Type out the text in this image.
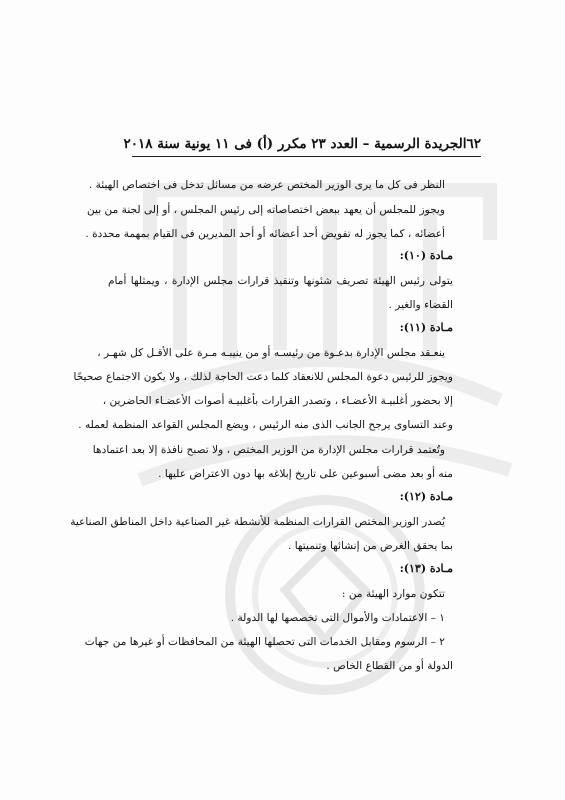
٦٢
الجريدة الرسمية – العدد ٢٣ مكرر (أ) فى ١١ يونية سنة ٢٠١٨
النظر فى كل ما يرى الوزير المختص عرضه من مسائل تدخل فى اختصاص الهيئة .
ويجوز للمجلس أن يعهد ببعض اختصاصاته إلى رئيس المجلس ، أو إلى لجنة من بين
أعضائه ، كما يجوز له تفويض أحد أعضائه أو أحد المديرين فى القيام بمهمة محددة .
مـادة (١٠):
يتولى رئيس الهيئة تصريف شئونها وتنفيذ قرارات مجلس الإدارة ، ويمثلها أمام
القضاء والغير .
مـادة (١١):
ينعـقد مجلس الإدارة بدعـوة من رئيسـه أو من ينيبـه مـرة على الأقـل كل شهـر ،
ويجوز للرئيس دعوة المجلس للانعقاد كلما دعت الحاجة لذلك ، ولا يكون الاجتماع صحيحًا
إلا بحضور أغلبيـة الأعضـاء ، وتصدر القرارات بأغلبيـة أصوات الأعضـاء الحاضرين ،
وعند التساوى يرجح الجانب الذى منه الرئيس ، ويضع المجلس القواعد المنظمة لعمله .
وتُعتمد قرارات مجلس الإدارة من الوزير المختص ، ولا تصبح نافذة إلا بعد اعتمادها
منه أو بعد مضى أسبوعين على تاريخ إبلاغه بها دون الاعتراض عليها .
مـادة (١٢):
يُصدر الوزير المختص القرارات المنظمة للأنشطة غير الصناعية داخل المناطق الصناعية
بما يحقق الغرض من إنشائها وتنميتها .
مـادة (١٣):
تتكون موارد الهيئة من :
١ – الاعتمادات والأموال التى تخصصها لها الدولة .
٢ – الرسوم ومقابل الخدمات التى تحصلها الهيئة من المحافظات أو غيرها من جهات
الدولة أو من القطاع الخاص .
